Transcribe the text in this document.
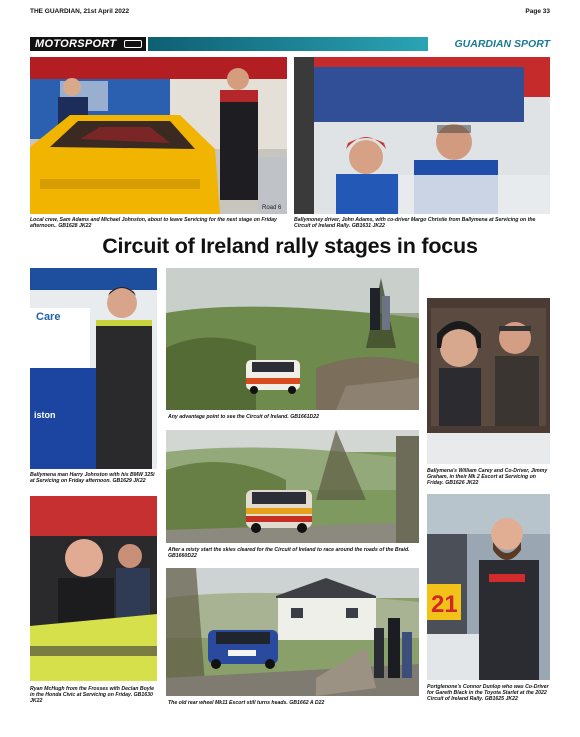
THE GUARDIAN, 21st April 2022	Page 33
MOTORSPORT	GUARDIAN SPORT
Road 6
Local crew, Sam Adams and Michael Johnston, about to leave Servicing for the next stage on Friday afternoon.. GB1628 JK22
Ballymoney driver, John Adams, with co-driver Margo Christie from Ballymena at Servicing on the Circuit of Ireland Rally. GB1631 JK22
Circuit of Ireland rally stages in focus
Care
iston
Ballymena man Harry Johnston with his BMW 325i at Servicing on Friday afternoon. GB1629 JK22
Any advantage point to see the Circuit of Ireland. GB1661D22
Ballymena's William Carey and Co-Driver, Jimmy Graham, in their Mk 2 Escort at Servicing on Friday. GB1626 JK22
After a misty start the skies cleared for the Circuit of Ireland to race around the roads of the Braid. GB1660D22
Ryan McHugh from the Frosses with Declan Boyle in the Honda Civic at Servicing on Friday. GB1630 JK22
21
Portglenone's Connor Dunlop who was Co-Driver for Gareth Black in the Toyota Starlet at the 2022 Circuit of Ireland Rally. GB1625 JK22
The old rear wheel Mk11 Escort still turns heads. GB1662 A D22
